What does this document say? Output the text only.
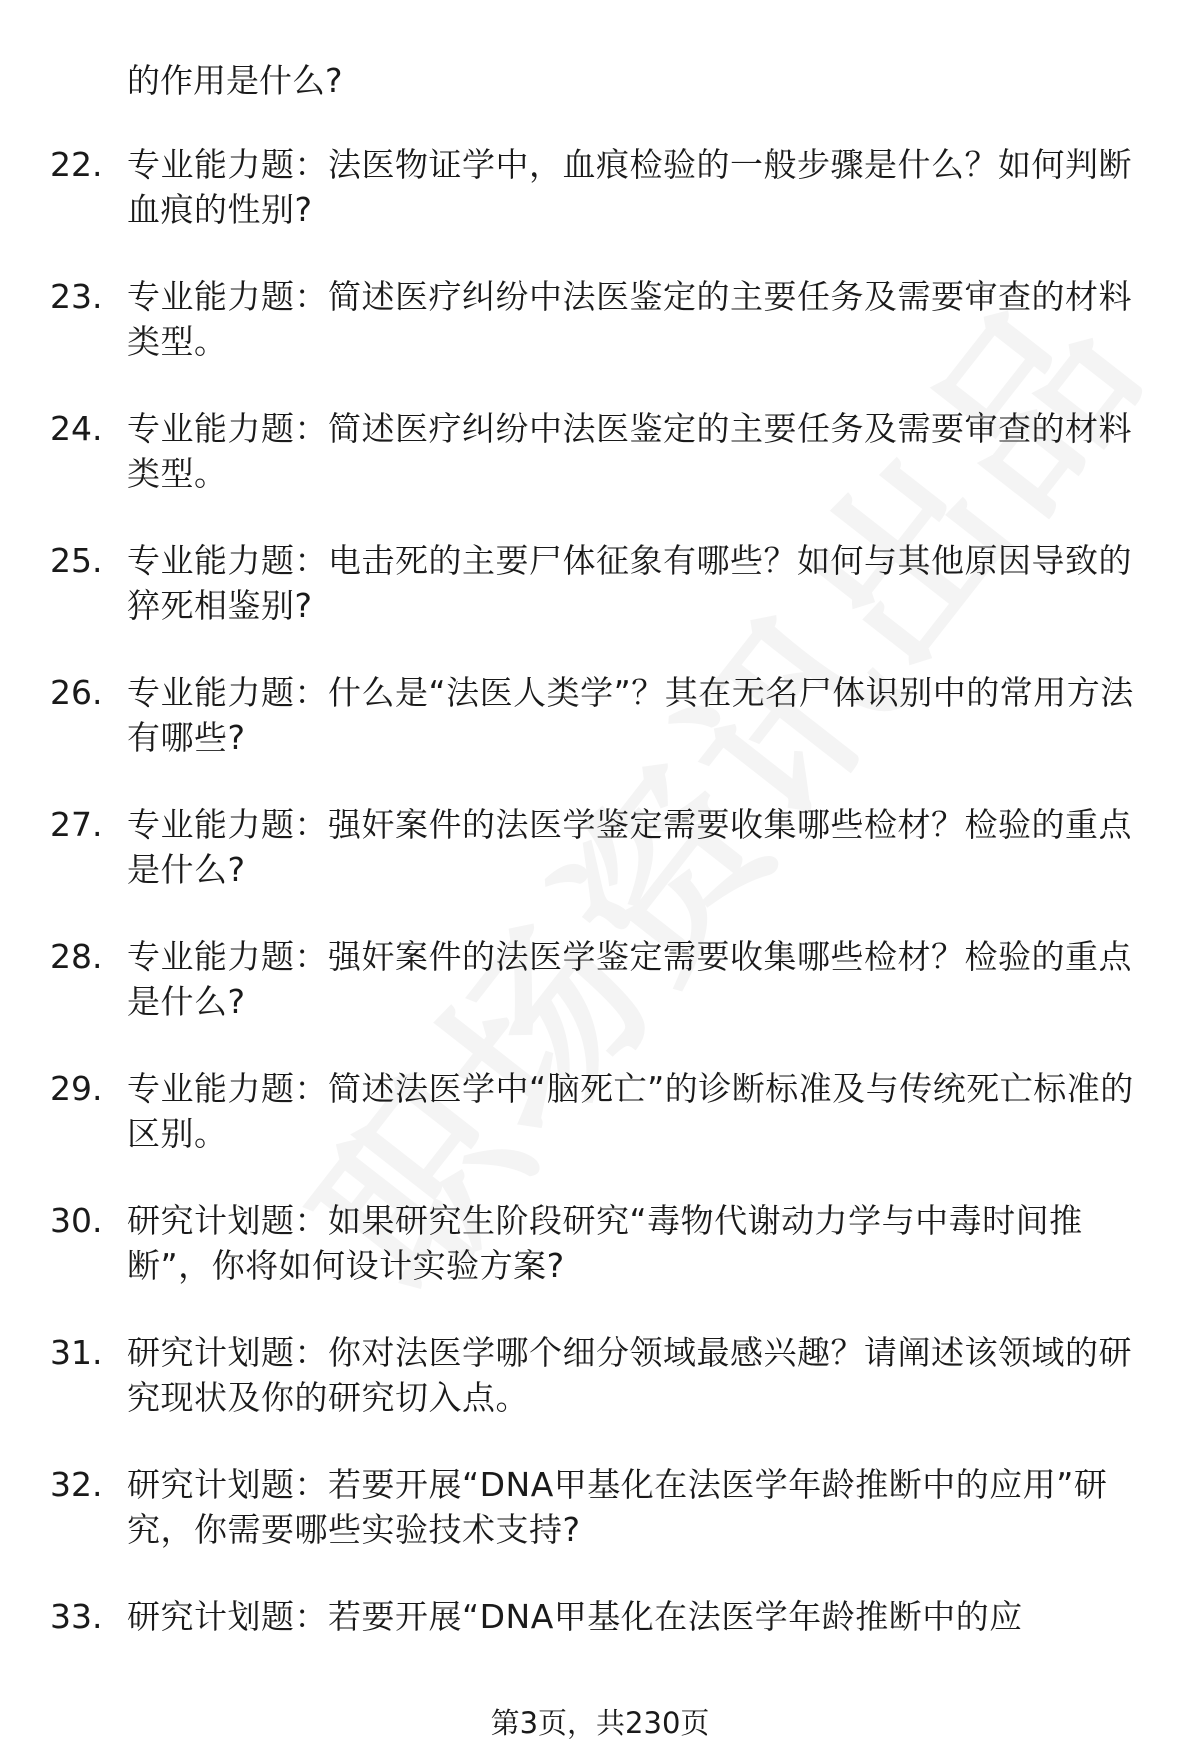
的作用是什么?
22. 专业能力题：法医物证学中，血痕检验的一般步骤是什么？如何判断血痕的性别?
23. 专业能力题：简述医疗纠纷中法医鉴定的主要任务及需要审查的材料类型。
24. 专业能力题：简述医疗纠纷中法医鉴定的主要任务及需要审查的材料类型。
25. 专业能力题：电击死的主要尸体征象有哪些？如何与其他原因导致的猝死相鉴别?
26. 专业能力题：什么是“法医人类学”？其在无名尸体识别中的常用方法有哪些?
27. 专业能力题：强奸案件的法医学鉴定需要收集哪些检材？检验的重点是什么?
28. 专业能力题：强奸案件的法医学鉴定需要收集哪些检材？检验的重点是什么?
29. 专业能力题：简述法医学中“脑死亡”的诊断标准及与传统死亡标准的区别。
30. 研究计划题：如果研究生阶段研究“毒物代谢动力学与中毒时间推断”，你将如何设计实验方案?
31. 研究计划题：你对法医学哪个细分领域最感兴趣？请阐述该领域的研究现状及你的研究切入点。
32. 研究计划题：若要开展“DNA甲基化在法医学年龄推断中的应用”研究，你需要哪些实验技术支持?
33. 研究计划题：若要开展“DNA甲基化在法医学年龄推断中的应
第3页，共230页
